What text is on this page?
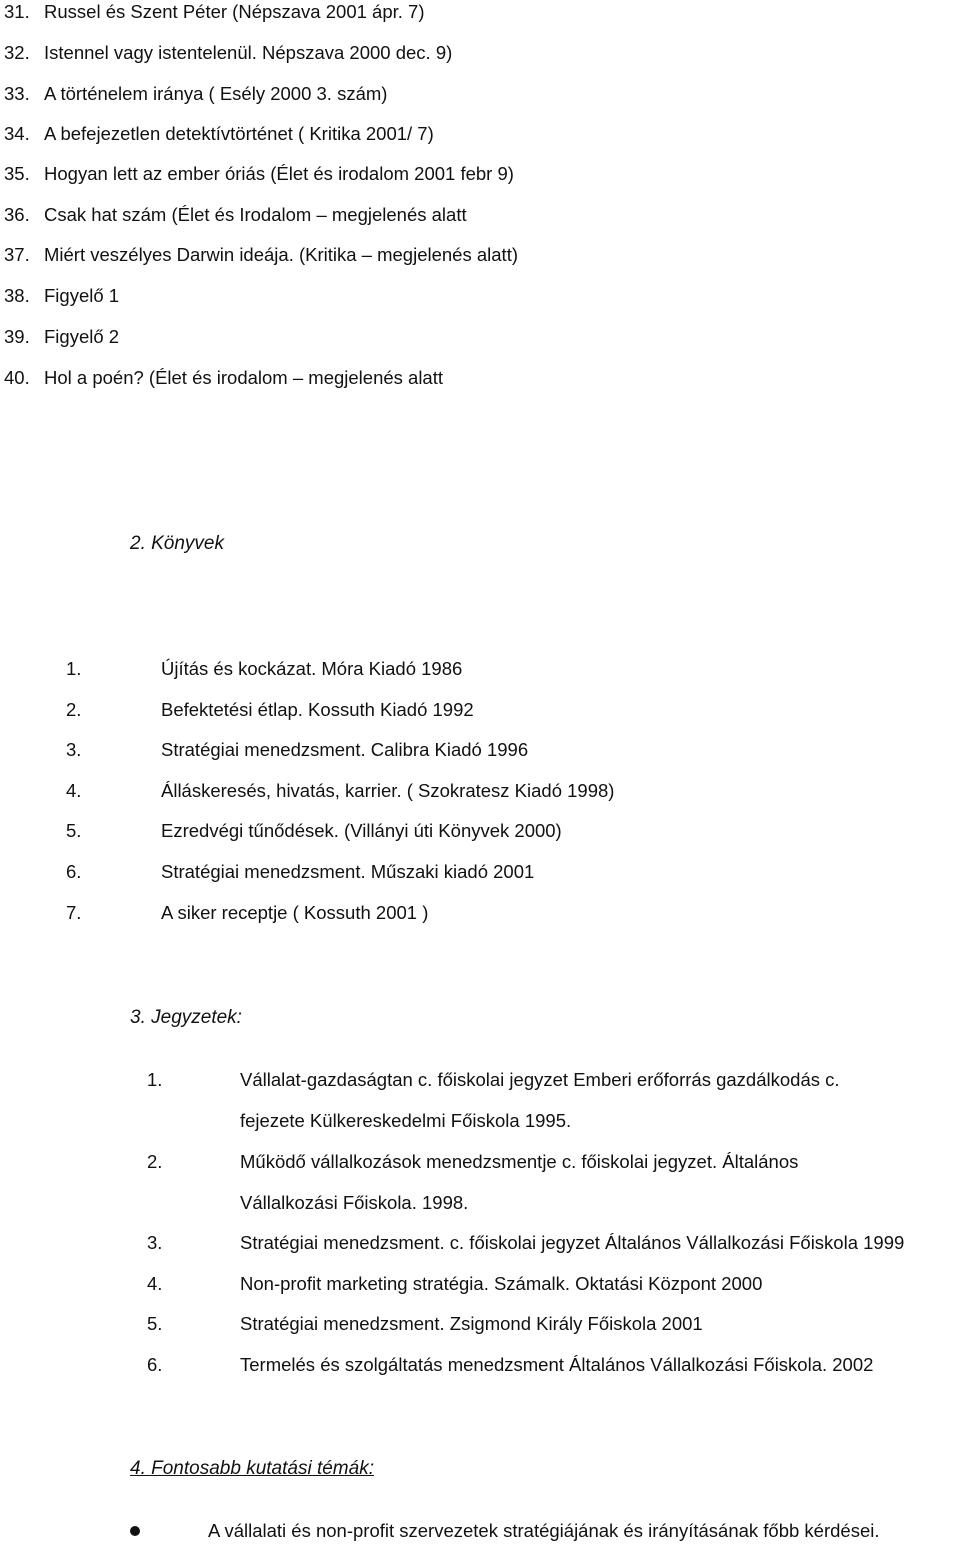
31. Russel és Szent Péter (Népszava 2001 ápr. 7)
32. Istennel vagy istentelenül. Népszava 2000 dec. 9)
33. A történelem iránya ( Esély 2000 3. szám)
34. A befejezetlen detektívtörténet ( Kritika 2001/ 7)
35. Hogyan lett az ember óriás (Élet és irodalom 2001 febr 9)
36. Csak hat szám (Élet és Irodalom – megjelenés alatt
37. Miért veszélyes Darwin ideája. (Kritika – megjelenés alatt)
38. Figyelő 1
39. Figyelő 2
40. Hol a poén? (Élet és irodalom – megjelenés alatt
2. Könyvek
1.	Újítás és kockázat. Móra Kiadó 1986
2.	Befektetési étlap. Kossuth Kiadó 1992
3.	Stratégiai menedzsment. Calibra Kiadó 1996
4.	Álláskeresés, hivatás, karrier. ( Szokratesz Kiadó 1998)
5.	Ezredvégi tűnődések. (Villányi úti Könyvek 2000)
6.	Stratégiai menedzsment. Műszaki kiadó 2001
7.	A siker receptje ( Kossuth 2001 )
3. Jegyzetek:
1.	Vállalat-gazdaságtan c. főiskolai jegyzet Emberi erőforrás gazdálkodás c.
fejezete Külkereskedelmi Főiskola 1995.
2.	Működő vállalkozások menedzsmentje c. főiskolai jegyzet. Általános
Vállalkozási Főiskola. 1998.
3.	Stratégiai menedzsment. c. főiskolai jegyzet Általános Vállalkozási Főiskola 1999
4.	Non-profit marketing stratégia. Számalk. Oktatási Központ 2000
5.	Stratégiai menedzsment. Zsigmond Király Főiskola 2001
6.	Termelés és szolgáltatás menedzsment Általános Vállalkozási Főiskola. 2002
4. Fontosabb kutatási témák:
A vállalati és non-profit szervezetek stratégiájának és irányításának főbb kérdései.
